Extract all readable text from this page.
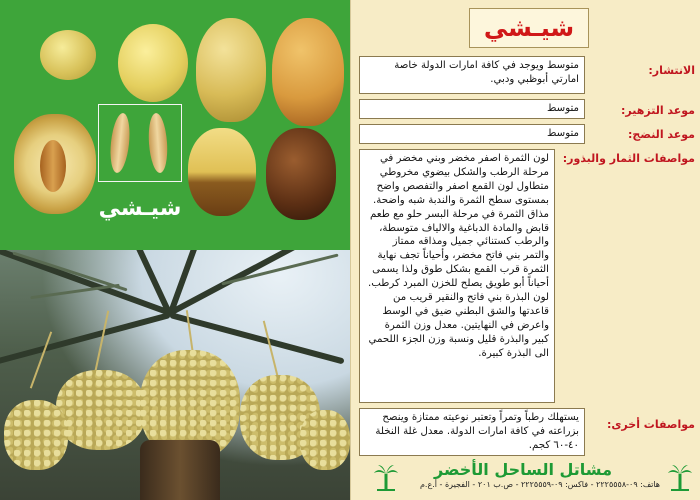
شيـشي
شيـشي
الانتشار:
متوسط ويوجد في كافة امارات الدولة خاصة امارتي أبوظبي ودبي.
موعد التزهير:
متوسط
موعد النضج:
متوسط
مواصفات الثمار والبذور:
لون الثمرة اصفر مخضر وبني مخضر في مرحلة الرطب والشكل بيضوي مخروطي متطاول لون القمع اصفر والتفصص واضح بمستوى سطح الثمرة والندبة شبه واضحة. مذاق الثمرة في مرحلة البسر حلو مع طعم قابض والمادة الدباغية والالياف متوسطة، والرطب كستنائي جميل ومذاقه ممتاز والتمر بني فاتح مخضر، وأحياناً تجف نهاية الثمرة قرب القمع بشكل طوق ولذا يسمى أحياناً أبو طويق يصلح للخزن المبرد كرطب. لون البذرة بني فاتح والنقير قريب من قاعدتها والشق البطني ضيق في الوسط واعرض في النهايتين. معدل وزن الثمرة كبير والبذرة قليل ونسبة وزن الجزء اللحمي الى البذرة كبيرة.
مواصفات أخرى:
يستهلك رطباً وتمراً وتعتبر نوعيته ممتازة وينصح بزراعته في كافة امارات الدولة. معدل غلة النخلة ٤٠-٦٠ كجم.
مشاتل الساحل الأخضر
هاتف: ٠٩-٢٢٢٥٥٥٨ - فاكس: ٠٩-٢٢٢٥٥٥٩ - ص.ب ٢٠١ - الفجيرة - أ.ع.م
